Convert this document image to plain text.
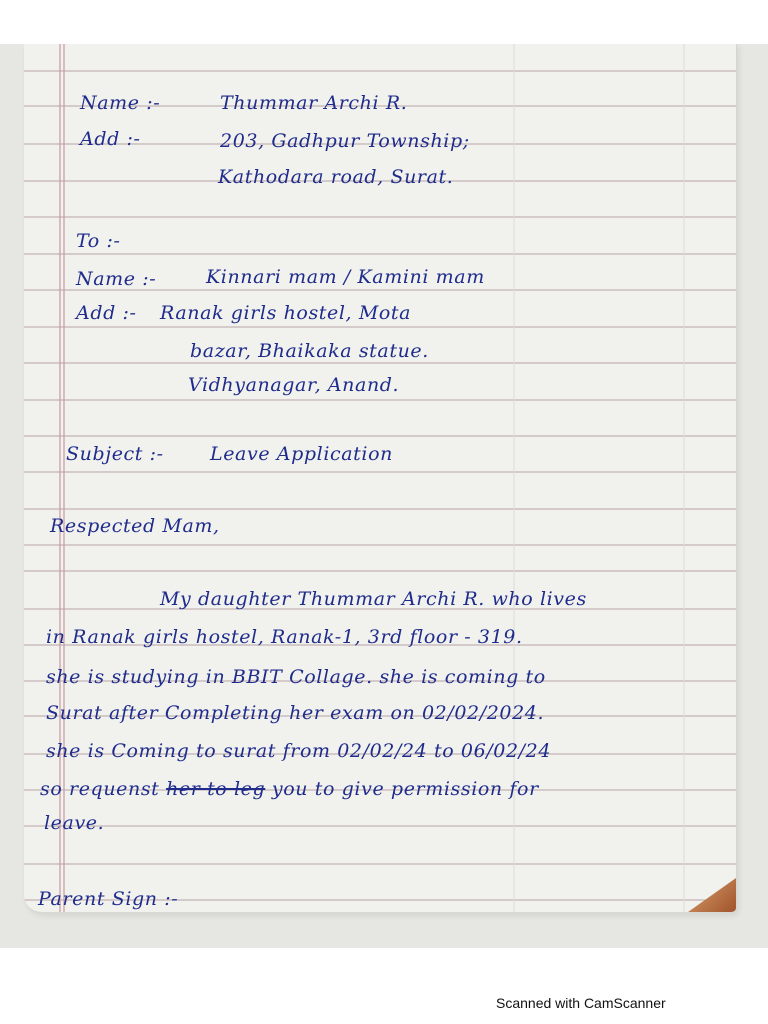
Name :-	Thummar Archi R.
Add :-	203, Gadhpur Township;
Kathodara road, Surat.
To :-
Name :-	Kinnari mam / Kamini mam
Add :- Ranak girls hostel, Mota
bazar, Bhaikaka statue.
Vidhyanagar, Anand.
Subject :- Leave Application
Respected Mam,
My daughter Thummar Archi R. who lives
in Ranak girls hostel, Ranak-1, 3rd floor - 319.
she is studying in BBIT Collage. she is coming to
Surat after Completing her exam on 02/02/2024.
she is Coming to surat from 02/02/24 to 06/02/24
so requenst her to leg you to give permission for
leave.
Parent Sign :-
Scanned with CamScanner
